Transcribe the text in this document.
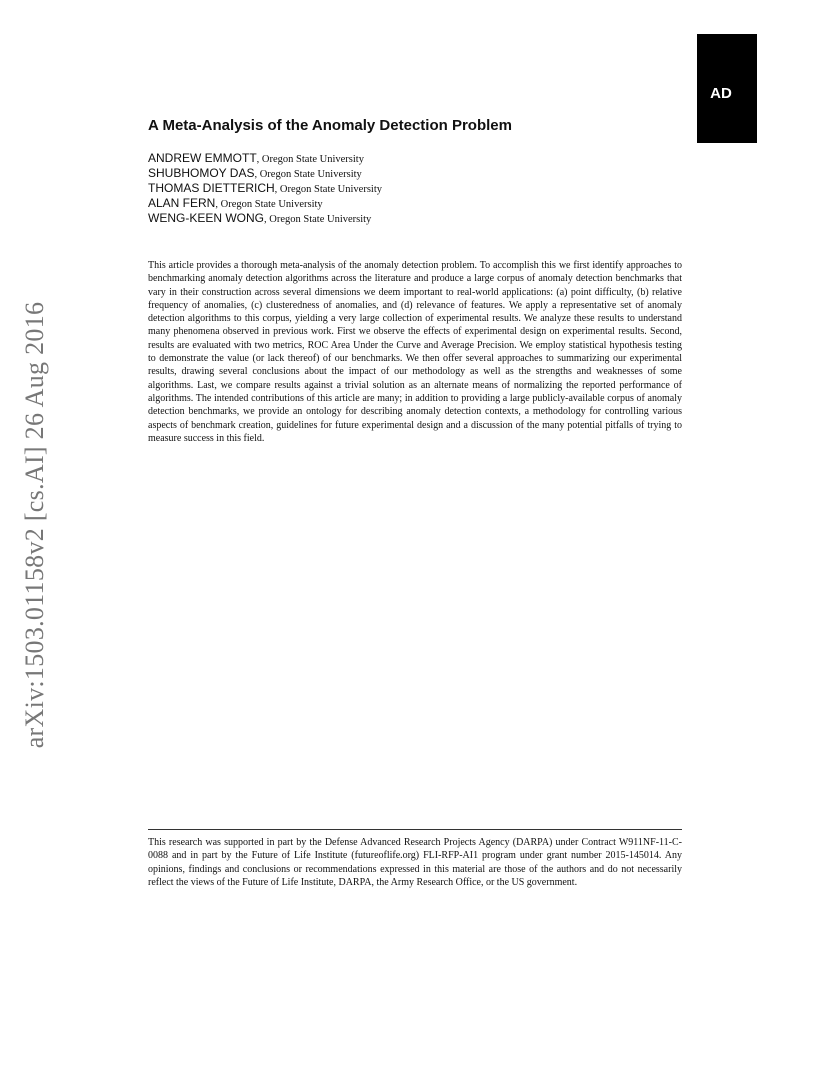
AD
arXiv:1503.01158v2 [cs.AI] 26 Aug 2016
A Meta-Analysis of the Anomaly Detection Problem
ANDREW EMMOTT, Oregon State University
SHUBHOMOY DAS, Oregon State University
THOMAS DIETTERICH, Oregon State University
ALAN FERN, Oregon State University
WENG-KEEN WONG, Oregon State University

This article provides a thorough meta-analysis of the anomaly detection problem. To accomplish this we first identify approaches to benchmarking anomaly detection algorithms across the literature and produce a large corpus of anomaly detection benchmarks that vary in their construction across several dimensions we deem important to real-world applications: (a) point difficulty, (b) relative frequency of anomalies, (c) clusteredness of anomalies, and (d) relevance of features. We apply a representative set of anomaly detection algorithms to this corpus, yielding a very large collection of experimental results. We analyze these results to understand many phenomena observed in previous work. First we observe the effects of experimental design on experimental results. Second, results are evaluated with two metrics, ROC Area Under the Curve and Average Precision. We employ statistical hypothesis testing to demonstrate the value (or lack thereof) of our benchmarks. We then offer several approaches to summarizing our experimental results, drawing several conclusions about the impact of our methodology as well as the strengths and weaknesses of some algorithms. Last, we compare results against a trivial solution as an alternate means of normalizing the reported performance of algorithms. The intended contributions of this article are many; in addition to providing a large publicly-available corpus of anomaly detection benchmarks, we provide an ontology for describing anomaly detection contexts, a methodology for controlling various aspects of benchmark creation, guidelines for future experimental design and a discussion of the many potential pitfalls of trying to measure success in this field.

This research was supported in part by the Defense Advanced Research Projects Agency (DARPA) under Contract W911NF-11-C-0088 and in part by the Future of Life Institute (futureoflife.org) FLI-RFP-AI1 program under grant number 2015-145014. Any opinions, findings and conclusions or recommendations expressed in this material are those of the authors and do not necessarily reflect the views of the Future of Life Institute, DARPA, the Army Research Office, or the US government.
